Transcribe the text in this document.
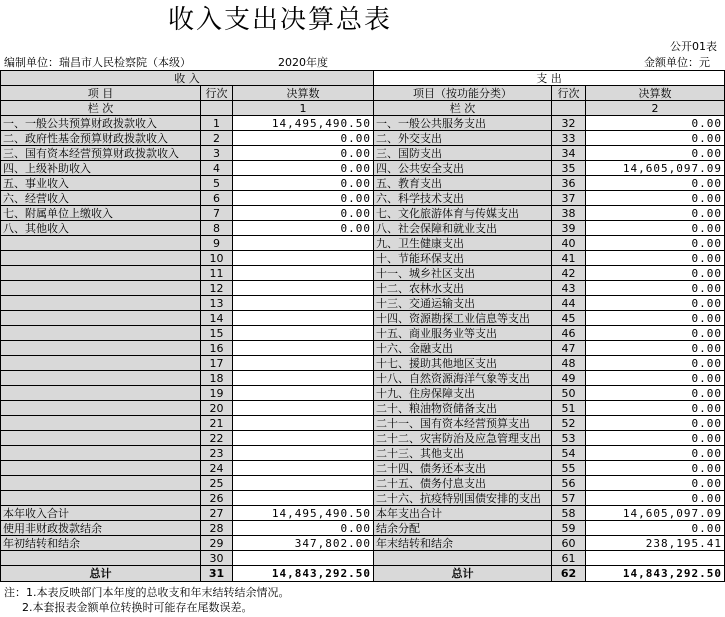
收入支出决算总表
公开01表
编制单位：瑞昌市人民检察院（本级）	2020年度	金额单位：元
收 入			支 出		
项 目	行次	决算数	项目（按功能分类）	行次	决算数
栏 次		1	栏 次		2
一、一般公共预算财政拨款收入	1	14,495,490.50	一、一般公共服务支出	32	0.00
二、政府性基金预算财政拨款收入	2	0.00	二、外交支出	33	0.00
三、国有资本经营预算财政拨款收入	3	0.00	三、国防支出	34	0.00
四、上级补助收入	4	0.00	四、公共安全支出	35	14,605,097.09
五、事业收入	5	0.00	五、教育支出	36	0.00
六、经营收入	6	0.00	六、科学技术支出	37	0.00
七、附属单位上缴收入	7	0.00	七、文化旅游体育与传媒支出	38	0.00
八、其他收入	8	0.00	八、社会保障和就业支出	39	0.00
	9		九、卫生健康支出	40	0.00
	10		十、节能环保支出	41	0.00
	11		十一、城乡社区支出	42	0.00
	12		十二、农林水支出	43	0.00
	13		十三、交通运输支出	44	0.00
	14		十四、资源勘探工业信息等支出	45	0.00
	15		十五、商业服务业等支出	46	0.00
	16		十六、金融支出	47	0.00
	17		十七、援助其他地区支出	48	0.00
	18		十八、自然资源海洋气象等支出	49	0.00
	19		十九、住房保障支出	50	0.00
	20		二十、粮油物资储备支出	51	0.00
	21		二十一、国有资本经营预算支出	52	0.00
	22		二十二、灾害防治及应急管理支出	53	0.00
	23		二十三、其他支出	54	0.00
	24		二十四、债务还本支出	55	0.00
	25		二十五、债务付息支出	56	0.00
	26		二十六、抗疫特别国债安排的支出	57	0.00
本年收入合计	27	14,495,490.50	本年支出合计	58	14,605,097.09
使用非财政拨款结余	28	0.00	结余分配	59	0.00
年初结转和结余	29	347,802.00	年末结转和结余	60	238,195.41
	30			61	
总计	31	14,843,292.50	总计	62	14,843,292.50
注：1.本表反映部门本年度的总收支和年末结转结余情况。
2.本套报表金额单位转换时可能存在尾数误差。
